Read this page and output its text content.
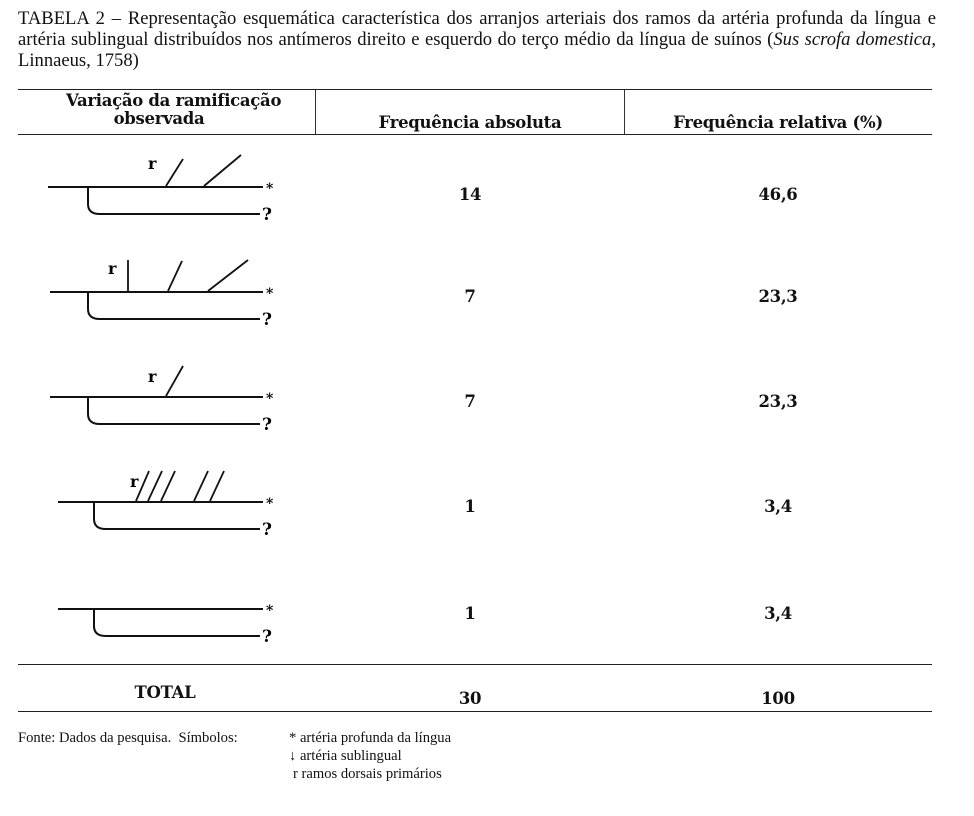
TABELA 2 – Representação esquemática característica dos arranjos arteriais dos ramos da artéria profunda da língua e artéria sublingual distribuídos nos antímeros direito e esquerdo do terço médio da língua de suínos (Sus scrofa domestica, Linnaeus, 1758)
Variação da ramificação
observada	Frequência absoluta	Frequência relativa (%)
r
*
?
14	46,6
r
*
?
7	23,3
r
*
?
7	23,3
r
*
?
1	3,4
*
?
1	3,4
TOTAL	30	100
Fonte: Dados da pesquisa. Símbolos:	* artéria profunda da língua
↓ artéria sublingual
r ramos dorsais primários
